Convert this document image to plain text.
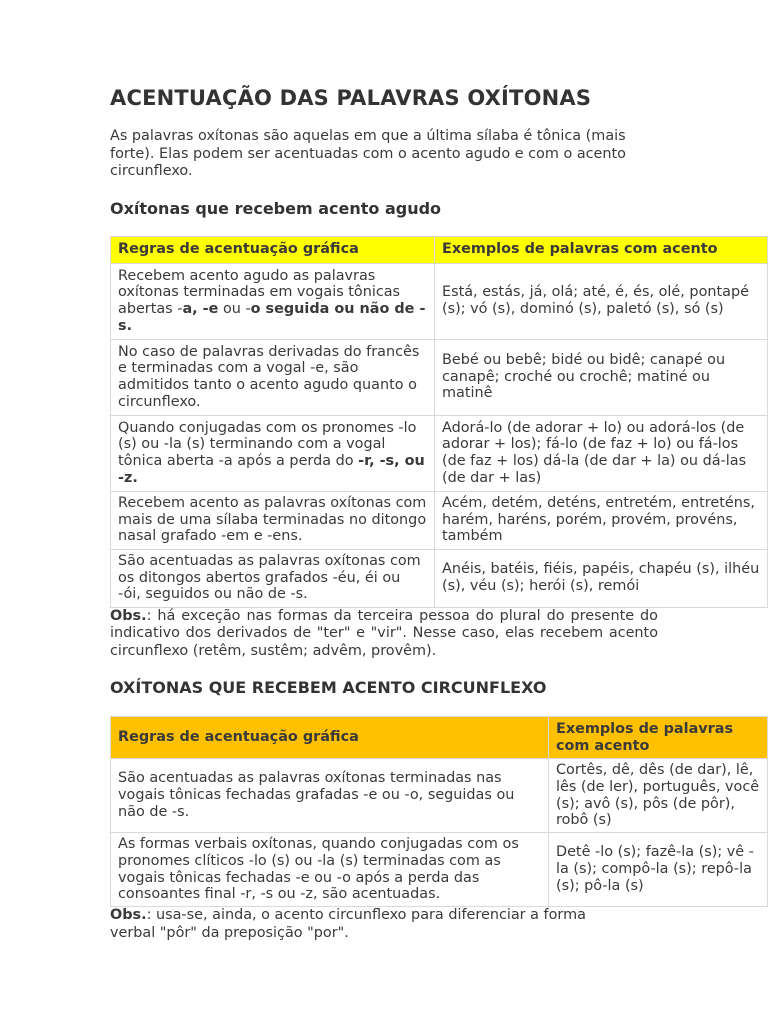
ACENTUAÇÃO DAS PALAVRAS OXÍTONAS
As palavras oxítonas são aquelas em que a última sílaba é tônica (mais forte). Elas podem ser acentuadas com o acento agudo e com o acento circunflexo.
Oxítonas que recebem acento agudo
Regras de acentuação gráfica	Exemplos de palavras com acento
Recebem acento agudo as palavras oxítonas terminadas em vogais tônicas abertas -a, -e ou -o seguida ou não de -s.	Está, estás, já, olá; até, é, és, olé, pontapé (s); vó (s), dominó (s), paletó (s), só (s)
No caso de palavras derivadas do francês e terminadas com a vogal -e, são admitidos tanto o acento agudo quanto o circunflexo.	Bebé ou bebê; bidé ou bidê; canapé ou canapê; croché ou crochê; matiné ou matinê
Quando conjugadas com os pronomes -lo (s) ou -la (s) terminando com a vogal tônica aberta -a após a perda do -r, -s, ou -z.	Adorá-lo (de adorar + lo) ou adorá-los (de adorar + los); fá-lo (de faz + lo) ou fá-los (de faz + los) dá-la (de dar + la) ou dá-las (de dar + las)
Recebem acento as palavras oxítonas com mais de uma sílaba terminadas no ditongo nasal grafado -em e -ens.	Acém, detém, deténs, entretém, entreténs, harém, haréns, porém, provém, provéns, também
São acentuadas as palavras oxítonas com os ditongos abertos grafados -éu, éi ou -ói, seguidos ou não de -s.	Anéis, batéis, fiéis, papéis, chapéu (s), ilhéu (s), véu (s); herói (s), remói
Obs.: há exceção nas formas da terceira pessoa do plural do presente do indicativo dos derivados de "ter" e "vir". Nesse caso, elas recebem acento circunflexo (retêm, sustêm; advêm, provêm).
OXÍTONAS QUE RECEBEM ACENTO CIRCUNFLEXO
Regras de acentuação gráfica	Exemplos de palavras com acento
São acentuadas as palavras oxítonas terminadas nas vogais tônicas fechadas grafadas -e ou -o, seguidas ou não de -s.	Cortês, dê, dês (de dar), lê, lês (de ler), português, você (s); avô (s), pôs (de pôr), robô (s)
As formas verbais oxítonas, quando conjugadas com os pronomes clíticos -lo (s) ou -la (s) terminadas com as vogais tônicas fechadas -e ou -o após a perda das consoantes final -r, -s ou -z, são acentuadas.	Detê -lo (s); fazê-la (s); vê -la (s); compô-la (s); repô-la (s); pô-la (s)
Obs.: usa-se, ainda, o acento circunflexo para diferenciar a forma verbal "pôr" da preposição "por".
